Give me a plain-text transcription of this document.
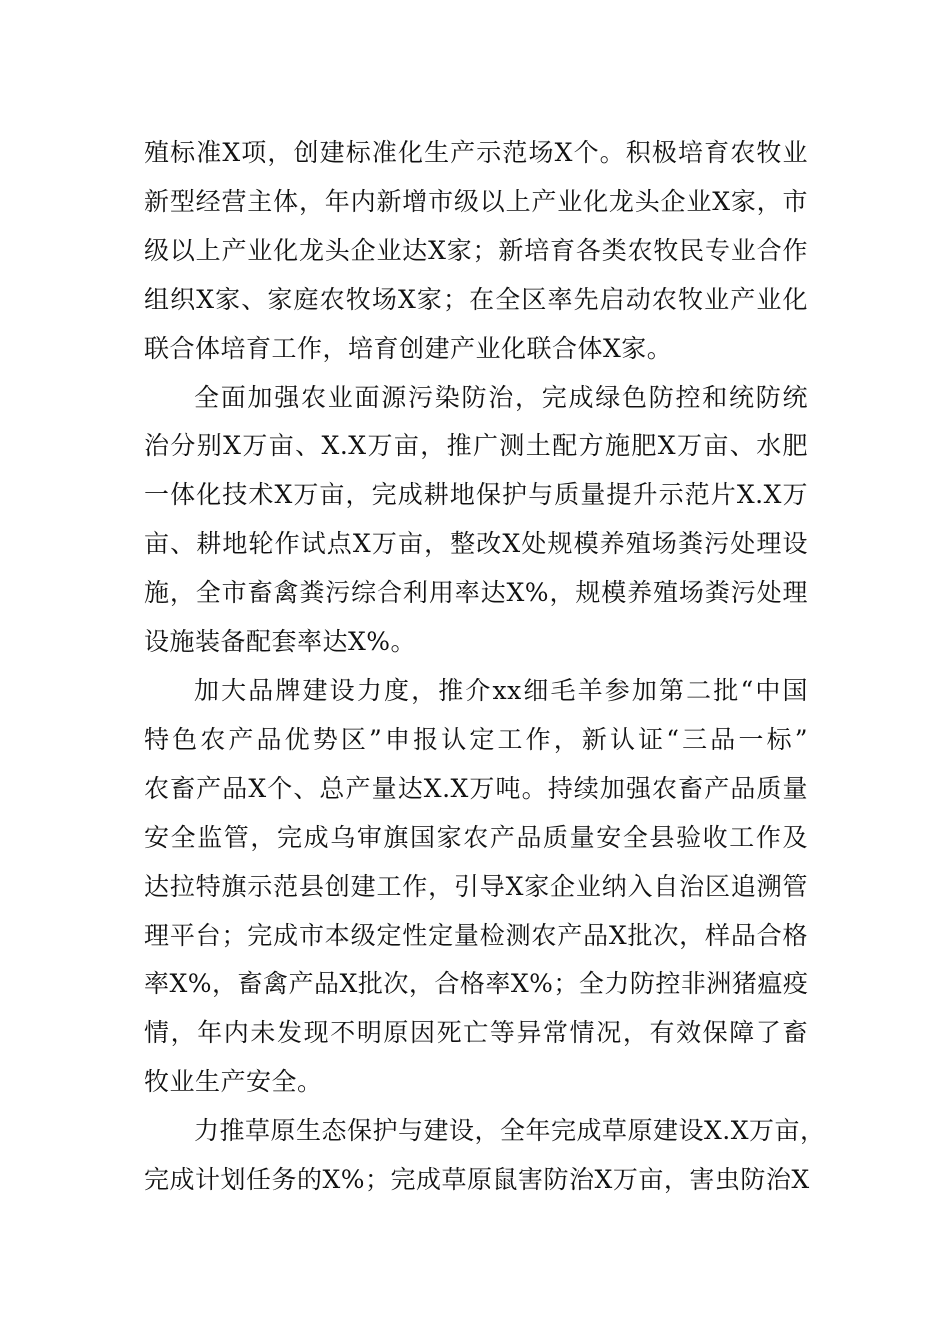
殖标准X项，创建标准化生产示范场X个。积极培育农牧业
新型经营主体，年内新增市级以上产业化龙头企业X家，市
级以上产业化龙头企业达X家；新培育各类农牧民专业合作
组织X家、家庭农牧场X家；在全区率先启动农牧业产业化
联合体培育工作，培育创建产业化联合体X家。
全面加强农业面源污染防治，完成绿色防控和统防统
治分别X万亩、X.X万亩，推广测土配方施肥X万亩、水肥
一体化技术X万亩，完成耕地保护与质量提升示范片X.X万
亩、耕地轮作试点X万亩，整改X处规模养殖场粪污处理设
施，全市畜禽粪污综合利用率达X%，规模养殖场粪污处理
设施装备配套率达X%。
加大品牌建设力度，推介xx细毛羊参加第二批“中国
特色农产品优势区”申报认定工作，新认证“三品一标”
农畜产品X个、总产量达X.X万吨。持续加强农畜产品质量
安全监管，完成乌审旗国家农产品质量安全县验收工作及
达拉特旗示范县创建工作，引导X家企业纳入自治区追溯管
理平台；完成市本级定性定量检测农产品X批次，样品合格
率X%，畜禽产品X批次，合格率X%；全力防控非洲猪瘟疫
情，年内未发现不明原因死亡等异常情况，有效保障了畜
牧业生产安全。
力推草原生态保护与建设，全年完成草原建设X.X万亩，
完成计划任务的X%；完成草原鼠害防治X万亩，害虫防治X
